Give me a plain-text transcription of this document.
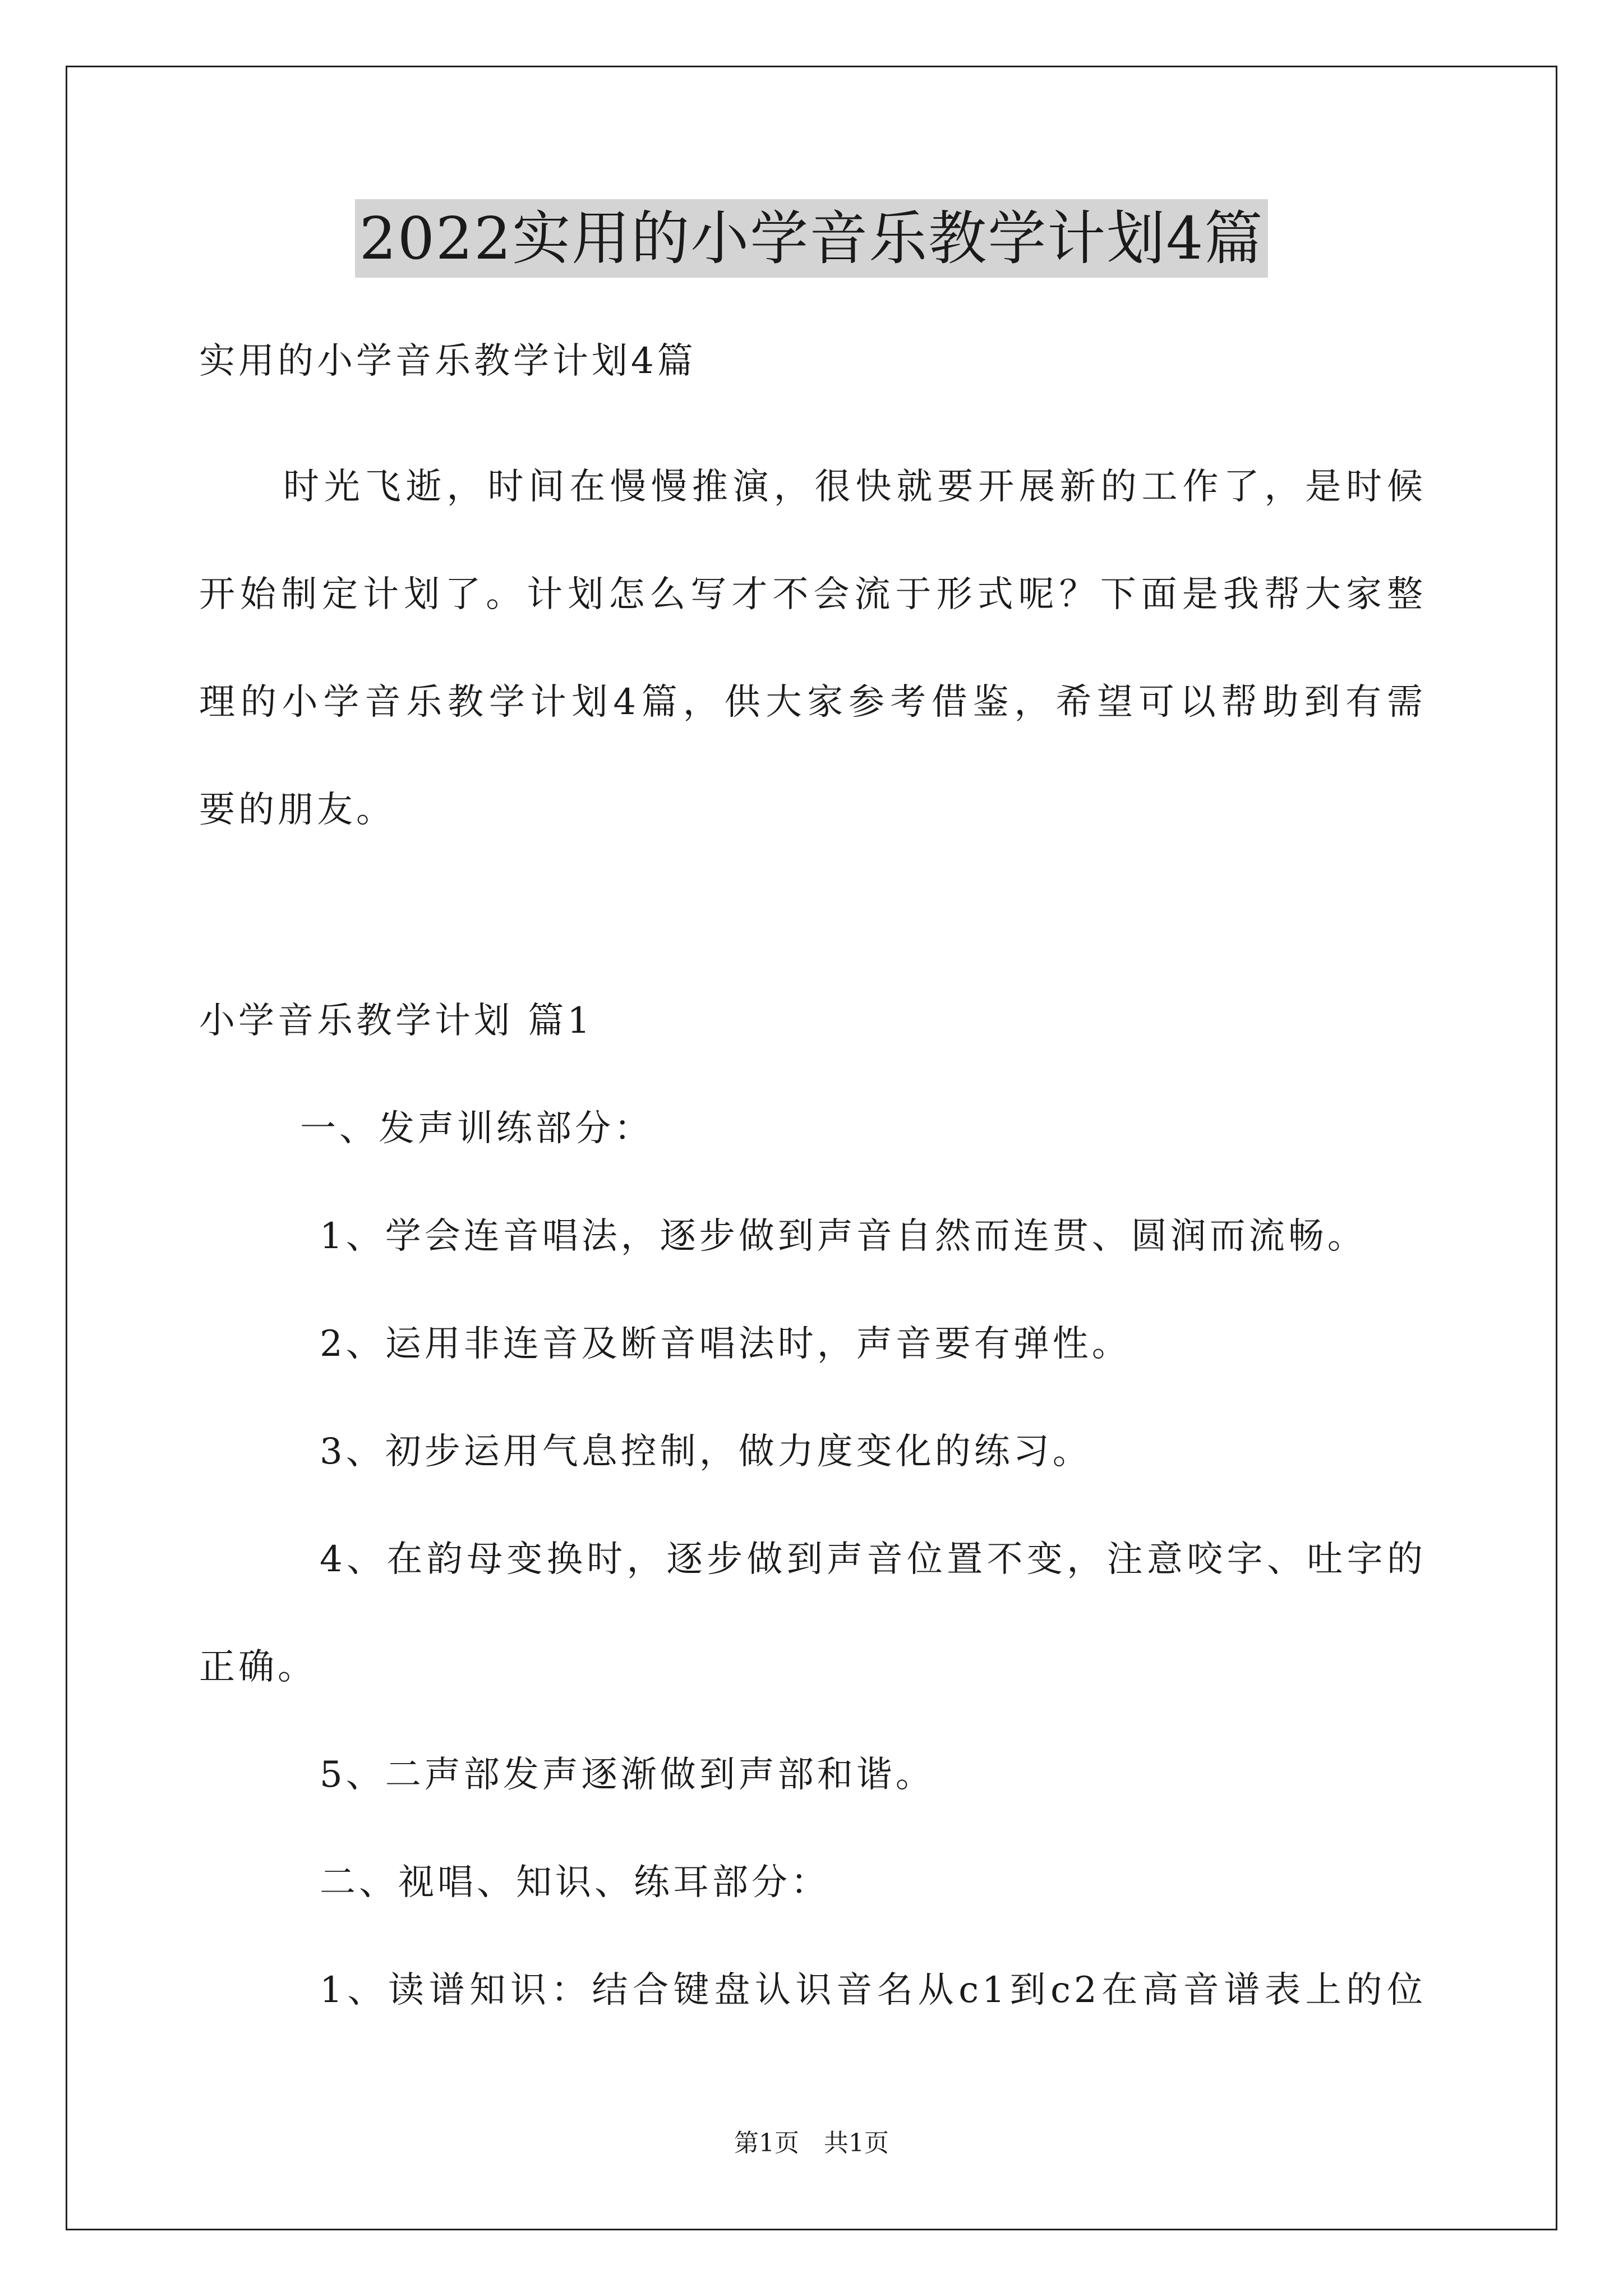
2022实用的小学音乐教学计划4篇
实用的小学音乐教学计划4篇
时光飞逝，时间在慢慢推演，很快就要开展新的工作了，是时候
开始制定计划了。计划怎么写才不会流于形式呢？下面是我帮大家整
理的小学音乐教学计划4篇，供大家参考借鉴，希望可以帮助到有需
要的朋友。
小学音乐教学计划 篇1
一、发声训练部分：
1、学会连音唱法，逐步做到声音自然而连贯、圆润而流畅。
2、运用非连音及断音唱法时，声音要有弹性。
3、初步运用气息控制，做力度变化的练习。
4、在韵母变换时，逐步做到声音位置不变，注意咬字、吐字的
正确。
5、二声部发声逐渐做到声部和谐。
二、视唱、知识、练耳部分：
1、读谱知识：结合键盘认识音名从c1到c2在高音谱表上的位
第1页　共1页
